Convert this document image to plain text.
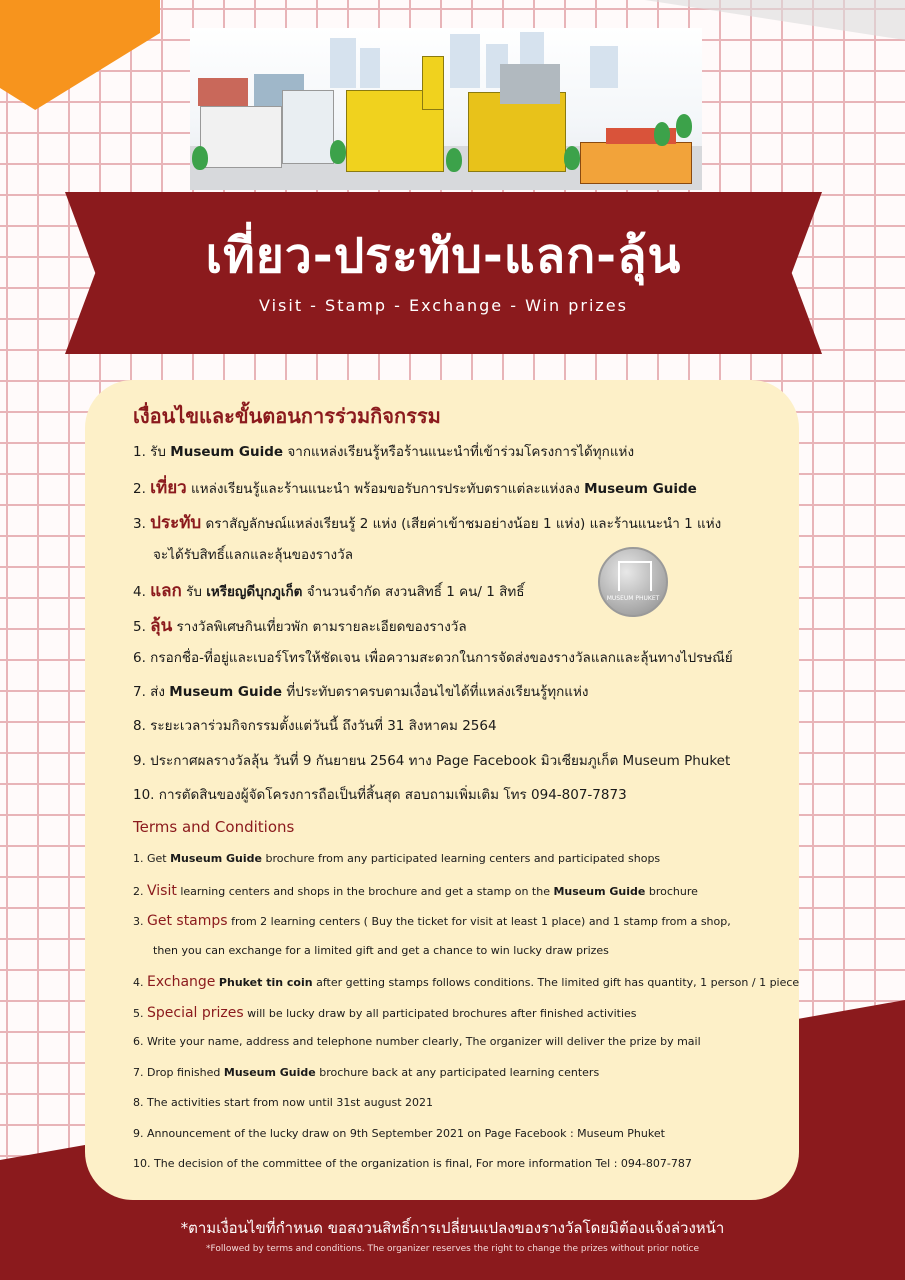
เที่ยว-ประทับ-แลก-ลุ้น
Visit - Stamp - Exchange - Win prizes
เงื่อนไขและขั้นตอนการร่วมกิจกรรม
1. รับ Museum Guide จากแหล่งเรียนรู้หรือร้านแนะนำที่เข้าร่วมโครงการได้ทุกแห่ง
2. เที่ยว แหล่งเรียนรู้และร้านแนะนำ พร้อมขอรับการประทับตราแต่ละแห่งลง Museum Guide
3. ประทับ ดราสัญลักษณ์แหล่งเรียนรู้ 2 แห่ง (เสียค่าเข้าชมอย่างน้อย 1 แห่ง) และร้านแนะนำ 1 แห่ง
จะได้รับสิทธิ์แลกและลุ้นของรางวัล
4. แลก รับ เหรียญดีบุกภูเก็ต จำนวนจำกัด สงวนสิทธิ์ 1 คน/ 1 สิทธิ์
5. ลุ้น รางวัลพิเศษกินเที่ยวพัก ตามรายละเอียดของรางวัล
6. กรอกชื่อ-ที่อยู่และเบอร์โทรให้ชัดเจน เพื่อความสะดวกในการจัดส่งของรางวัลแลกและลุ้นทางไปรษณีย์
7. ส่ง Museum Guide ที่ประทับตราครบตามเงื่อนไขได้ที่แหล่งเรียนรู้ทุกแห่ง
8. ระยะเวลาร่วมกิจกรรมตั้งแต่วันนี้ ถึงวันที่ 31 สิงหาคม 2564
9. ประกาศผลรางวัลลุ้น วันที่ 9 กันยายน 2564 ทาง Page Facebook มิวเซียมภูเก็ต Museum Phuket
10. การตัดสินของผู้จัดโครงการถือเป็นที่สิ้นสุด สอบถามเพิ่มเติม โทร 094-807-7873
MUSEUM PHUKET
Terms and Conditions
1. Get Museum Guide brochure from any participated learning centers and participated shops
2. Visit learning centers and shops in the brochure and get a stamp on the Museum Guide brochure
3. Get stamps from 2 learning centers ( Buy the ticket for visit at least 1 place) and 1 stamp from a shop,
then you can exchange for a limited gift and get a chance to win lucky draw prizes
4. Exchange Phuket tin coin after getting stamps follows conditions. The limited gift has quantity, 1 person / 1 piece
5. Special prizes will be lucky draw by all participated brochures after finished activities
6. Write your name, address and telephone number clearly, The organizer will deliver the prize by mail
7. Drop finished Museum Guide brochure back at any participated learning centers
8. The activities start from now until 31st august 2021
9. Announcement of the lucky draw on 9th September 2021 on Page Facebook : Museum Phuket
10. The decision of the committee of the organization is final, For more information Tel : 094-807-787
*ตามเงื่อนไขที่กำหนด ขอสงวนสิทธิ์การเปลี่ยนแปลงของรางวัลโดยมิต้องแจ้งล่วงหน้า
*Followed by terms and conditions. The organizer reserves the right to change the prizes without prior notice
